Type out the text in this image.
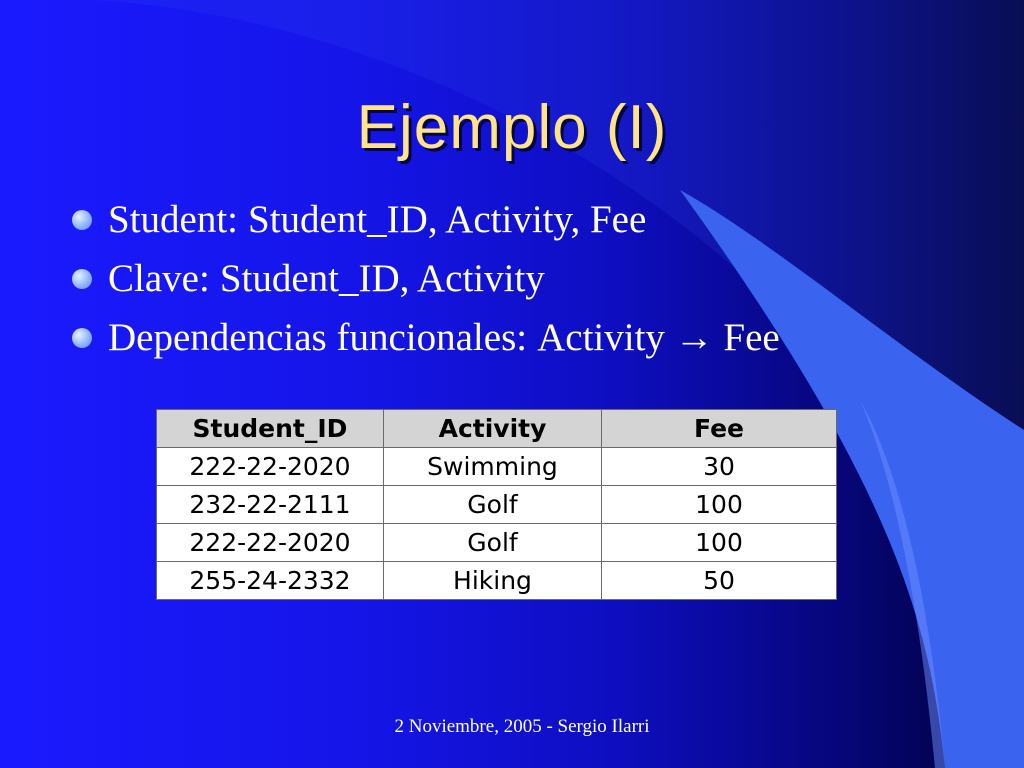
Ejemplo (I)
Student: Student_ID, Activity, Fee
Clave: Student_ID, Activity
Dependencias funcionales: Activity → Fee
Student_ID	Activity	Fee
222-22-2020	Swimming	30
232-22-2111	Golf	100
222-22-2020	Golf	100
255-24-2332	Hiking	50
2 Noviembre, 2005 - Sergio Ilarri
